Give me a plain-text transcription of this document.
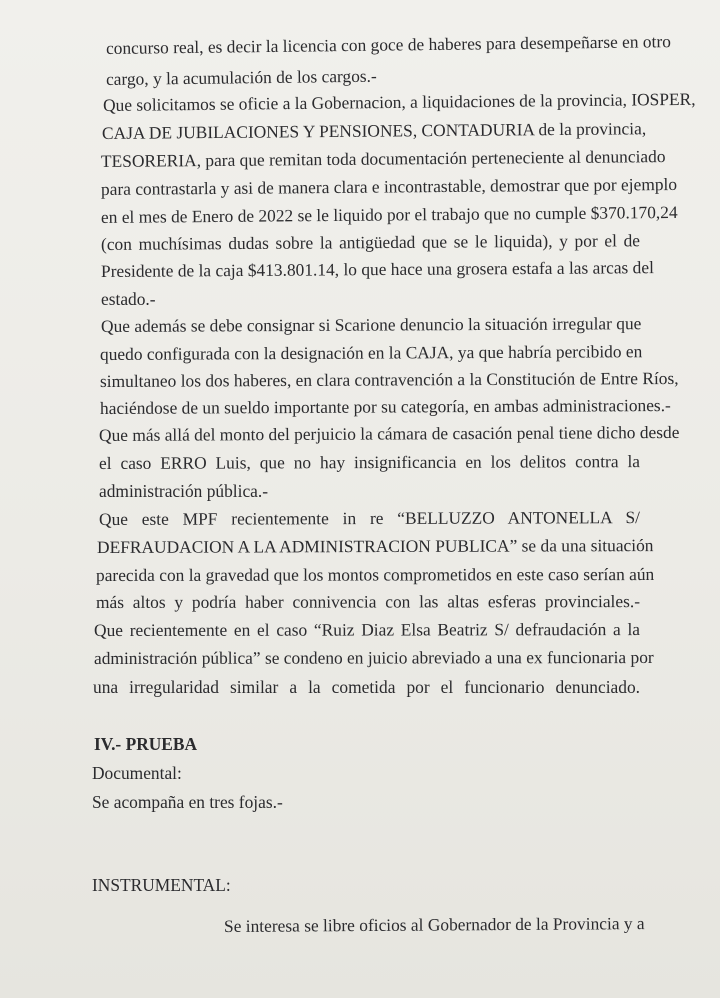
concurso real, es decir la licencia con goce de haberes para desempeñarse en otro
cargo, y la acumulación de los cargos.-
Que solicitamos se oficie a la Gobernacion, a liquidaciones de la provincia, IOSPER,
CAJA DE JUBILACIONES Y PENSIONES, CONTADURIA de la provincia,
TESORERIA, para que remitan toda documentación perteneciente al denunciado
para contrastarla y asi de manera clara e incontrastable, demostrar que por ejemplo
en el mes de Enero de 2022 se le liquido por el trabajo que no cumple $370.170,24
(con muchísimas dudas sobre la antigüedad que se le liquida), y por el de
Presidente de la caja $413.801.14, lo que hace una grosera estafa a las arcas del
estado.-
Que además se debe consignar si Scarione denuncio la situación irregular que
quedo configurada con la designación en la CAJA, ya que habría percibido en
simultaneo los dos haberes, en clara contravención a la Constitución de Entre Ríos,
haciéndose de un sueldo importante por su categoría, en ambas administraciones.-
Que más allá del monto del perjuicio la cámara de casación penal tiene dicho desde
el caso ERRO Luis, que no hay insignificancia en los delitos contra la
administración pública.-
Que este MPF recientemente in re “BELLUZZO ANTONELLA S/
DEFRAUDACION A LA ADMINISTRACION PUBLICA” se da una situación
parecida con la gravedad que los montos comprometidos en este caso serían aún
más altos y podría haber connivencia con las altas esferas provinciales.-
Que recientemente en el caso “Ruiz Diaz Elsa Beatriz S/ defraudación a la
administración pública” se condeno en juicio abreviado a una ex funcionaria por
una irregularidad similar a la cometida por el funcionario denunciado.
IV.- PRUEBA
Documental:
Se acompaña en tres fojas.-
INSTRUMENTAL:
Se interesa se libre oficios al Gobernador de la Provincia y a
